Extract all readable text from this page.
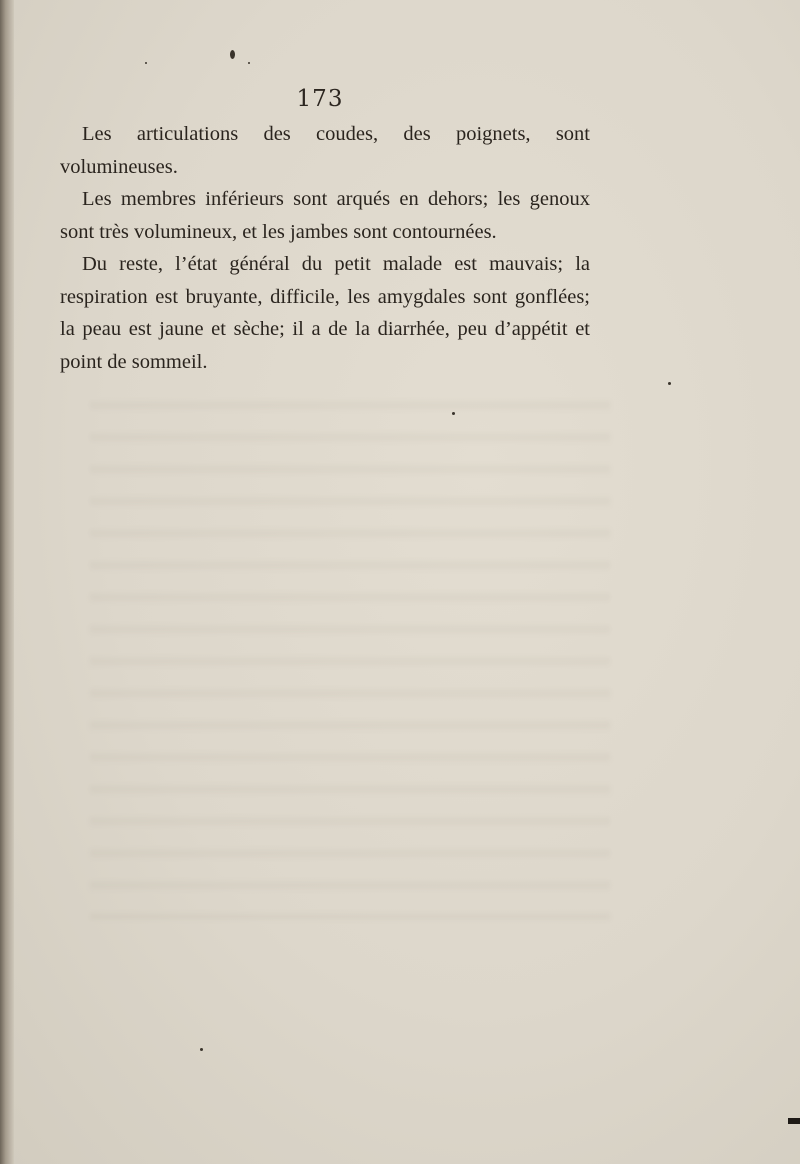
173

Les articulations des coudes, des poignets, sont volumineuses.

Les membres inférieurs sont arqués en dehors; les genoux sont très volumineux, et les jambes sont contournées.

Du reste, l’état général du petit malade est mauvais; la respiration est bruyante, difficile, les amygdales sont gonflées; la peau est jaune et sèche; il a de la diarrhée, peu d’appétit et point de sommeil.
